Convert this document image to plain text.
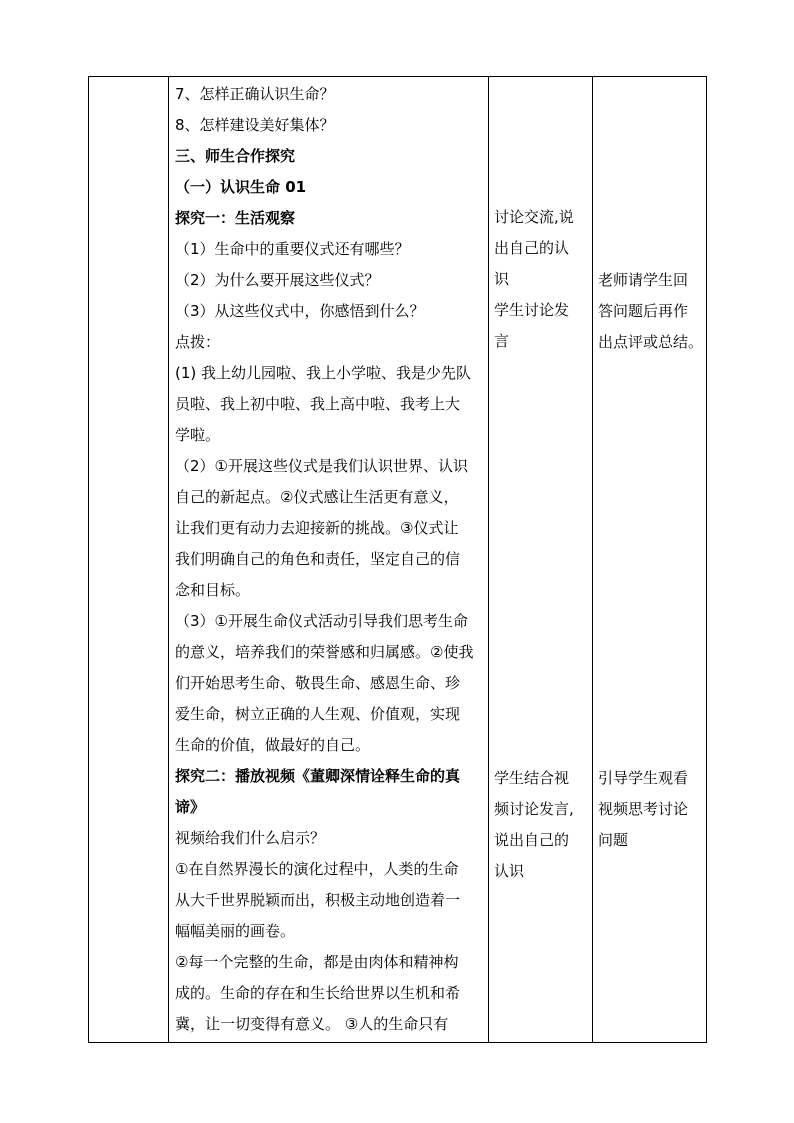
7、怎样正确认识生命？
8、怎样建设美好集体？
三、师生合作探究
（一）认识生命 01
探究一：生活观察
（1）生命中的重要仪式还有哪些？
（2）为什么要开展这些仪式？
（3）从这些仪式中，你感悟到什么？
点拨：
(1) 我上幼儿园啦、我上小学啦、我是少先队
员啦、我上初中啦、我上高中啦、我考上大
学啦。
（2）①开展这些仪式是我们认识世界、认识
自己的新起点。②仪式感让生活更有意义，
让我们更有动力去迎接新的挑战。③仪式让
我们明确自己的角色和责任，坚定自己的信
念和目标。
（3）①开展生命仪式活动引导我们思考生命
的意义，培养我们的荣誉感和归属感。②使我
们开始思考生命、敬畏生命、感恩生命、珍
爱生命，树立正确的人生观、价值观，实现
生命的价值，做最好的自己。
探究二：播放视频《董卿深情诠释生命的真
谛》
视频给我们什么启示？
①在自然界漫长的演化过程中，人类的生命
从大千世界脱颖而出，积极主动地创造着一
幅幅美丽的画卷。
②每一个完整的生命，都是由肉体和精神构
成的。生命的存在和生长给世界以生机和希
冀，让一切变得有意义。 ③人的生命只有
讨论交流,说
出自己的认
识
学生讨论发
言
学生结合视
频讨论发言,
说出自己的
认识
老师请学生回
答问题后再作
出点评或总结。
引导学生观看
视频思考讨论
问题
